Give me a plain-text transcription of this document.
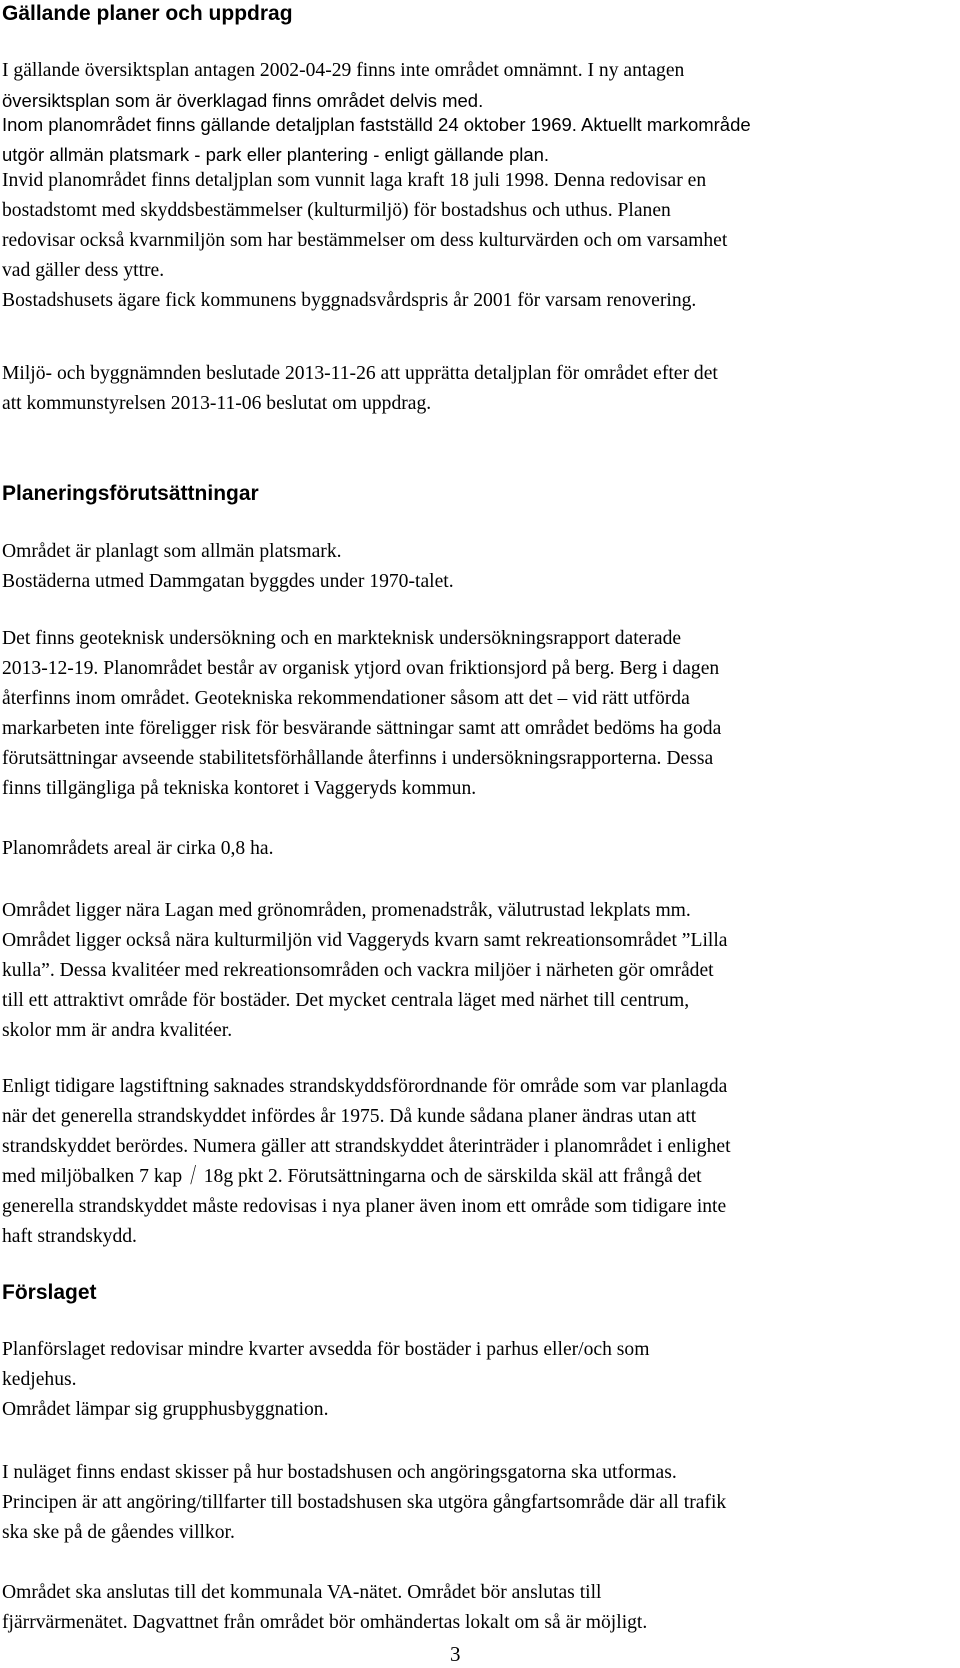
Gällande planer och uppdrag

I gällande översiktsplan antagen 2002-04-29 finns inte området omnämnt. I ny antagen
översiktsplan som är överklagad finns området delvis med.

Inom planområdet finns gällande detaljplan fastställd 24 oktober 1969. Aktuellt markområde
utgör allmän platsmark - park eller plantering - enligt gällande plan.

Invid planområdet finns detaljplan som vunnit laga kraft 18 juli 1998. Denna redovisar en
bostadstomt med skyddsbestämmelser (kulturmiljö) för bostadshus och uthus. Planen
redovisar också kvarnmiljön som har bestämmelser om dess kulturvärden och om varsamhet
vad gäller dess yttre.
Bostadshusets ägare fick kommunens byggnadsvårdspris år 2001 för varsam renovering.

Miljö- och byggnämnden beslutade 2013-11-26 att upprätta detaljplan för området efter det
att kommunstyrelsen 2013-11-06 beslutat om uppdrag.

Planeringsförutsättningar

Området är planlagt som allmän platsmark.
Bostäderna utmed Dammgatan byggdes under 1970-talet.

Det finns geoteknisk undersökning och en markteknisk undersökningsrapport daterade
2013-12-19. Planområdet består av organisk ytjord ovan friktionsjord på berg. Berg i dagen
återfinns inom området. Geotekniska rekommendationer såsom att det – vid rätt utförda
markarbeten inte föreligger risk för besvärande sättningar samt att området bedöms ha goda
förutsättningar avseende stabilitetsförhållande återfinns i undersökningsrapporterna. Dessa
finns tillgängliga på tekniska kontoret i Vaggeryds kommun.

Planområdets areal är cirka 0,8 ha.

Området ligger nära Lagan med grönområden, promenadstråk, välutrustad lekplats mm.
Området ligger också nära kulturmiljön vid Vaggeryds kvarn samt rekreationsområdet ”Lilla
kulla”. Dessa kvalitéer med rekreationsområden och vackra miljöer i närheten gör området
till ett attraktivt område för bostäder. Det mycket centrala läget med närhet till centrum,
skolor mm är andra kvalitéer.

Enligt tidigare lagstiftning saknades strandskyddsförordnande för område som var planlagda
när det generella strandskyddet infördes år 1975. Då kunde sådana planer ändras utan att
strandskyddet berördes. Numera gäller att strandskyddet återinträder i planområdet i enlighet
med miljöbalken 7 kap / 18g pkt 2. Förutsättningarna och de särskilda skäl att frångå det
generella strandskyddet måste redovisas i nya planer även inom ett område som tidigare inte
haft strandskydd.

Förslaget

Planförslaget redovisar mindre kvarter avsedda för bostäder i parhus eller/och som
kedjehus.
Området lämpar sig grupphusbyggnation.

I nuläget finns endast skisser på hur bostadshusen och angöringsgatorna ska utformas.
Principen är att angöring/tillfarter till bostadshusen ska utgöra gångfartsområde där all trafik
ska ske på de gåendes villkor.

Området ska anslutas till det kommunala VA-nätet. Området bör anslutas till
fjärrvärmenätet. Dagvattnet från området bör omhändertas lokalt om så är möjligt.

3
